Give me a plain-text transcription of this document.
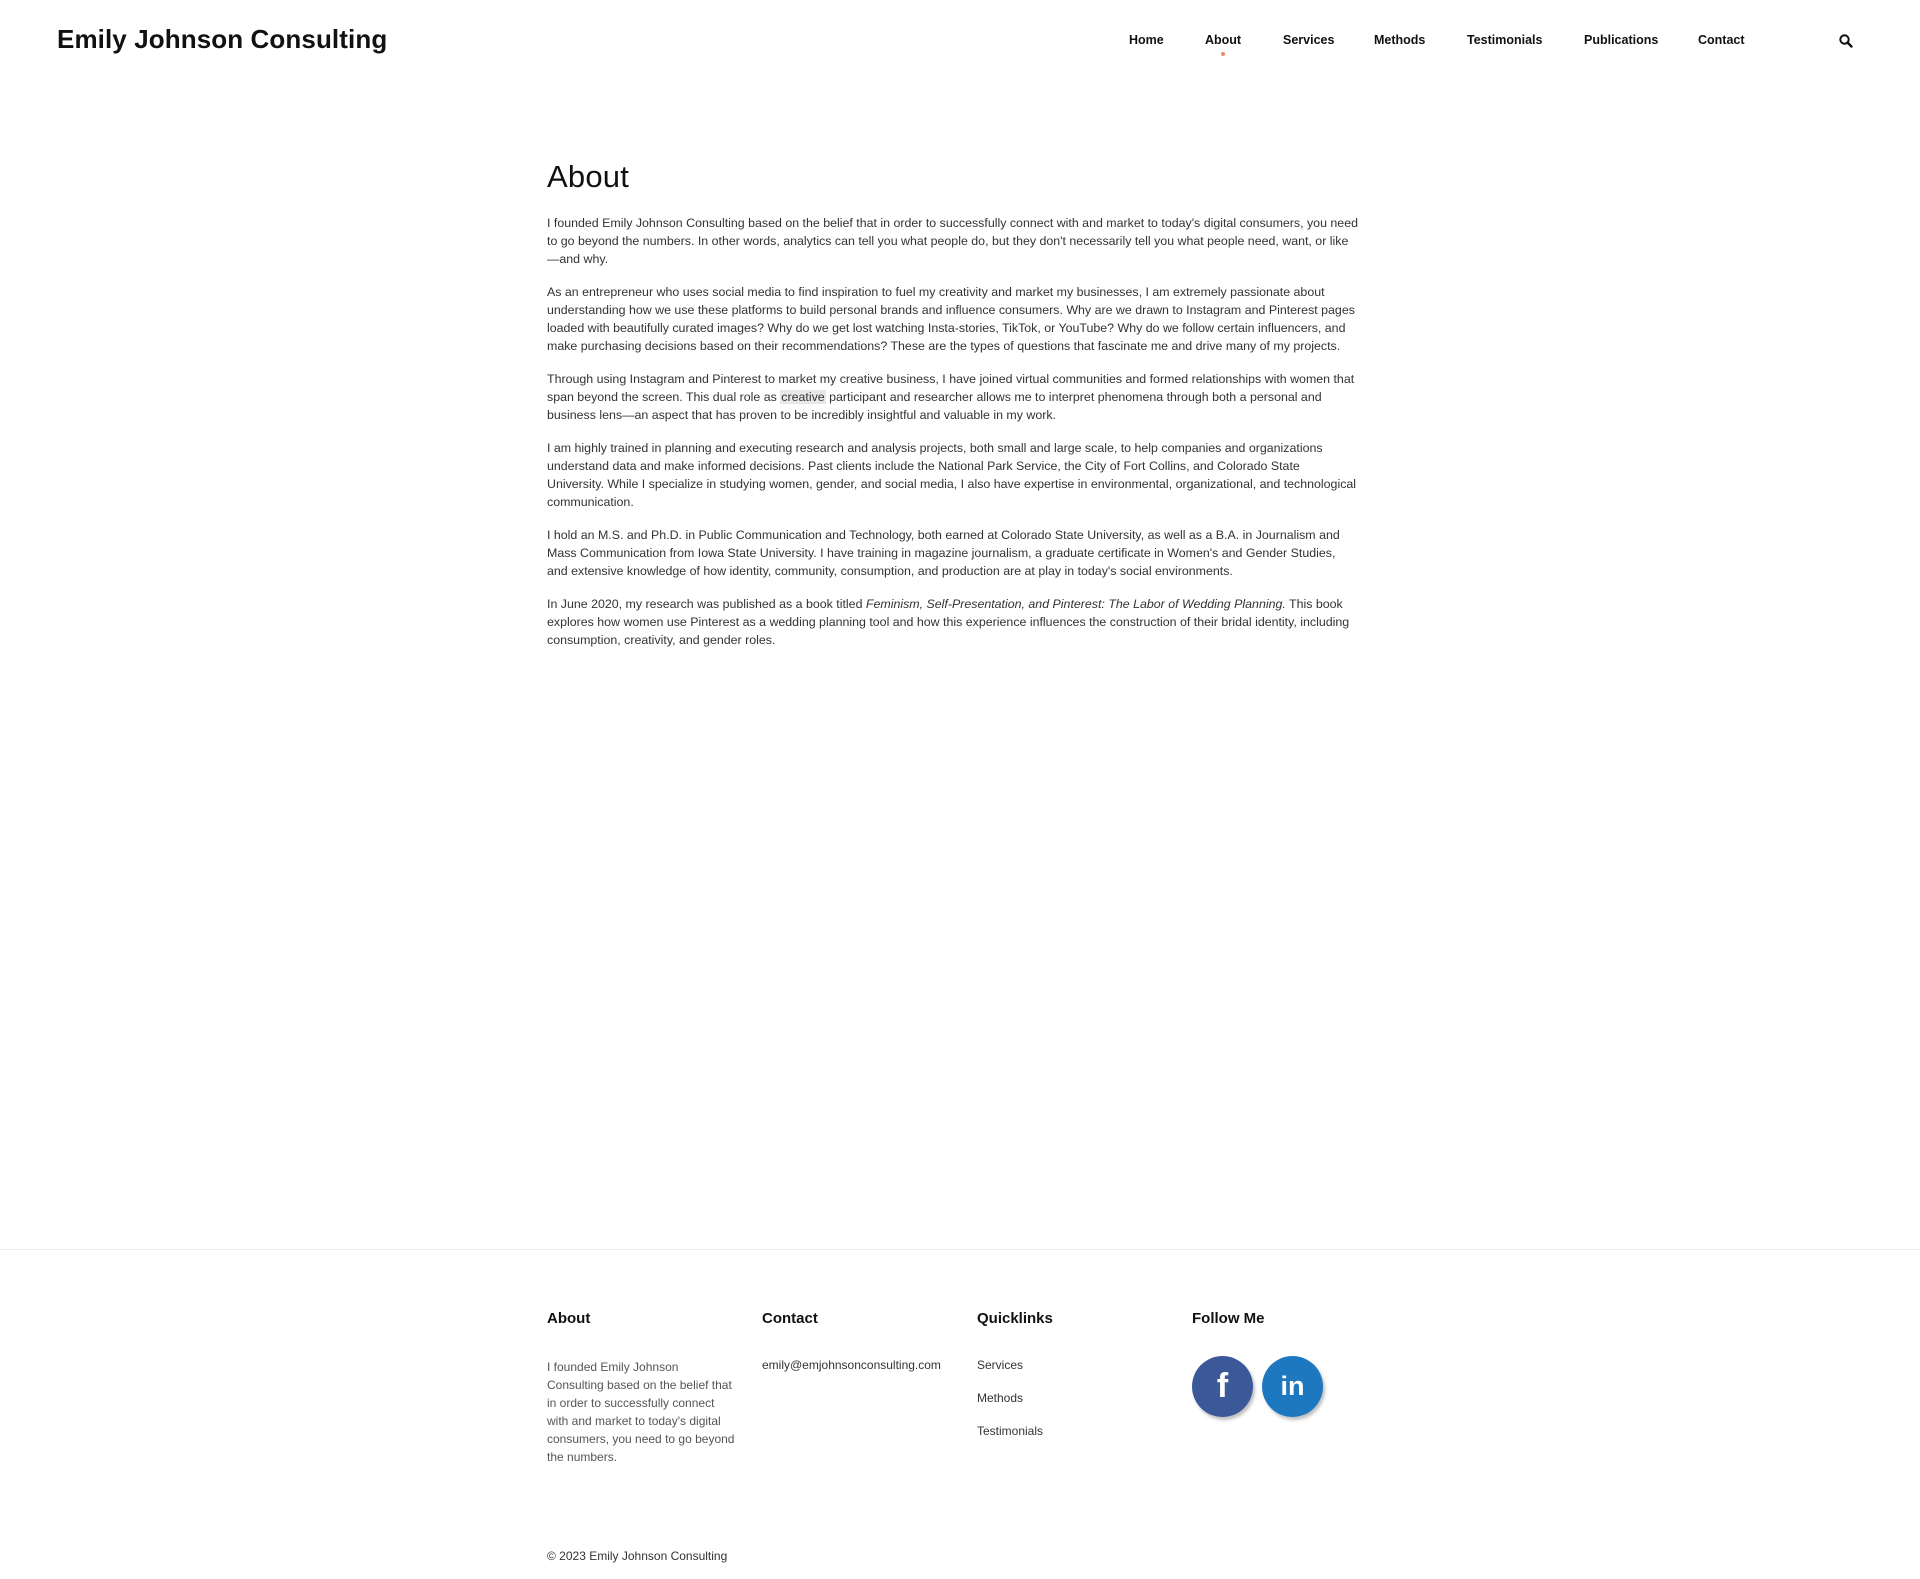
Emily Johnson Consulting	Home	About	Services	Methods	Testimonials	Publications	Contact
About

I founded Emily Johnson Consulting based on the belief that in order to successfully connect with and market to today's digital consumers, you need to go beyond the numbers. In other words, analytics can tell you what people do, but they don't necessarily tell you what people need, want, or like—and why.

As an entrepreneur who uses social media to find inspiration to fuel my creativity and market my businesses, I am extremely passionate about understanding how we use these platforms to build personal brands and influence consumers. Why are we drawn to Instagram and Pinterest pages loaded with beautifully curated images? Why do we get lost watching Insta-stories, TikTok, or YouTube? Why do we follow certain influencers, and make purchasing decisions based on their recommendations? These are the types of questions that fascinate me and drive many of my projects.

Through using Instagram and Pinterest to market my creative business, I have joined virtual communities and formed relationships with women that span beyond the screen. This dual role as creative participant and researcher allows me to interpret phenomena through both a personal and business lens—an aspect that has proven to be incredibly insightful and valuable in my work.

I am highly trained in planning and executing research and analysis projects, both small and large scale, to help companies and organizations understand data and make informed decisions. Past clients include the National Park Service, the City of Fort Collins, and Colorado State University. While I specialize in studying women, gender, and social media, I also have expertise in environmental, organizational, and technological communication.

I hold an M.S. and Ph.D. in Public Communication and Technology, both earned at Colorado State University, as well as a B.A. in Journalism and Mass Communication from Iowa State University. I have training in magazine journalism, a graduate certificate in Women's and Gender Studies, and extensive knowledge of how identity, community, consumption, and production are at play in today's social environments.

In June 2020, my research was published as a book titled Feminism, Self-Presentation, and Pinterest: The Labor of Wedding Planning. This book explores how women use Pinterest as a wedding planning tool and how this experience influences the construction of their bridal identity, including consumption, creativity, and gender roles.

About
I founded Emily Johnson Consulting based on the belief that in order to successfully connect with and market to today's digital consumers, you need to go beyond the numbers.
Contact
emily@emjohnsonconsulting.com
Quicklinks
Services
Methods
Testimonials
Follow Me
f in
© 2023 Emily Johnson Consulting
